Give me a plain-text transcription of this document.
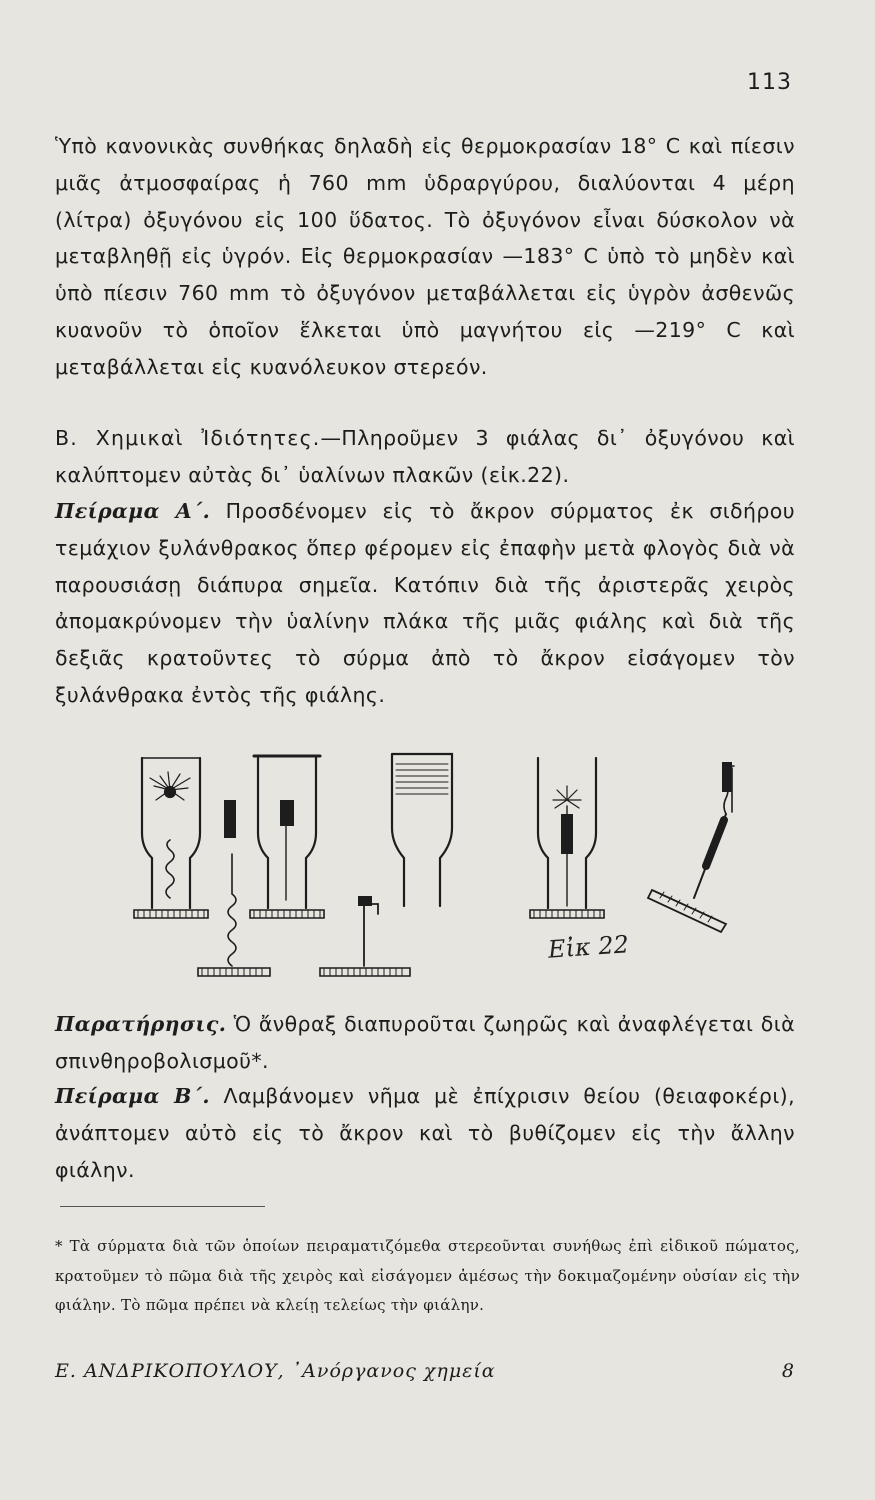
113

Ὑπὸ κανονικὰς συνθήκας δηλαδὴ εἰς θερμοκρασίαν 18° C καὶ πίεσιν μιᾶς ἀτμοσφαίρας ἡ 760 mm ὑδραργύρου, διαλύονται 4 μέρη (λίτρα) ὀξυγόνου εἰς 100 ὕδατος. Τὸ ὀξυγόνον εἶναι δύσκολον νὰ μεταβληθῇ εἰς ὑγρόν. Εἰς θερμοκρασίαν —183° C ὑπὸ τὸ μηδὲν καὶ ὑπὸ πίεσιν 760 mm τὸ ὀξυγόνον μεταβάλλεται εἰς ὑγρὸν ἀσθενῶς κυανοῦν τὸ ὁποῖον ἕλκεται ὑπὸ μαγνήτου εἰς —219° C καὶ μεταβάλλεται εἰς κυανόλευκον στερεόν.

Β. Χημικαὶ Ἰδιότητες.—Πληροῦμεν 3 φιάλας δι᾽ ὀξυγόνου καὶ καλύπτομεν αὐτὰς δι᾽ ὑαλίνων πλακῶν (εἰκ.22).

Πείραμα Α΄. Προσδένομεν εἰς τὸ ἄκρον σύρματος ἐκ σιδήρου τεμάχιον ξυλάνθρακος ὅπερ φέρομεν εἰς ἐπαφὴν μετὰ φλογὸς διὰ νὰ παρουσιάσῃ διάπυρα σημεῖα. Κατόπιν διὰ τῆς ἀριστερᾶς χειρὸς ἀπομακρύνομεν τὴν ὑαλίνην πλάκα τῆς μιᾶς φιάλης καὶ διὰ τῆς δεξιᾶς κρατοῦντες τὸ σύρμα ἀπὸ τὸ ἄκρον εἰσάγομεν τὸν ξυλάνθρακα ἐντὸς τῆς φιάλης.

Εἰκ 22

Παρατήρησις. Ὁ ἄνθραξ διαπυροῦται ζωηρῶς καὶ ἀναφλέγεται διὰ σπινθηροβολισμοῦ*.

Πείραμα Β΄. Λαμβάνομεν νῆμα μὲ ἐπίχρισιν θείου (θειαφοκέρι), ἀνάπτομεν αὐτὸ εἰς τὸ ἄκρον καὶ τὸ βυθίζομεν εἰς τὴν ἄλλην φιάλην.

* Τὰ σύρματα διὰ τῶν ὁποίων πειραματιζόμεθα στερεοῦνται συνήθως ἐπὶ εἰδικοῦ πώματος, κρατοῦμεν τὸ πῶμα διὰ τῆς χειρὸς καὶ εἰσάγομεν ἀμέσως τὴν δοκιμαζομένην οὐσίαν εἰς τὴν φιάλην. Τὸ πῶμα πρέπει νὰ κλείῃ τελείως τὴν φιάλην.

Ε. ΑΝΔΡΙΚΟΠΟΥΛΟΥ, ᾿Ανόργανος χημεία	8
